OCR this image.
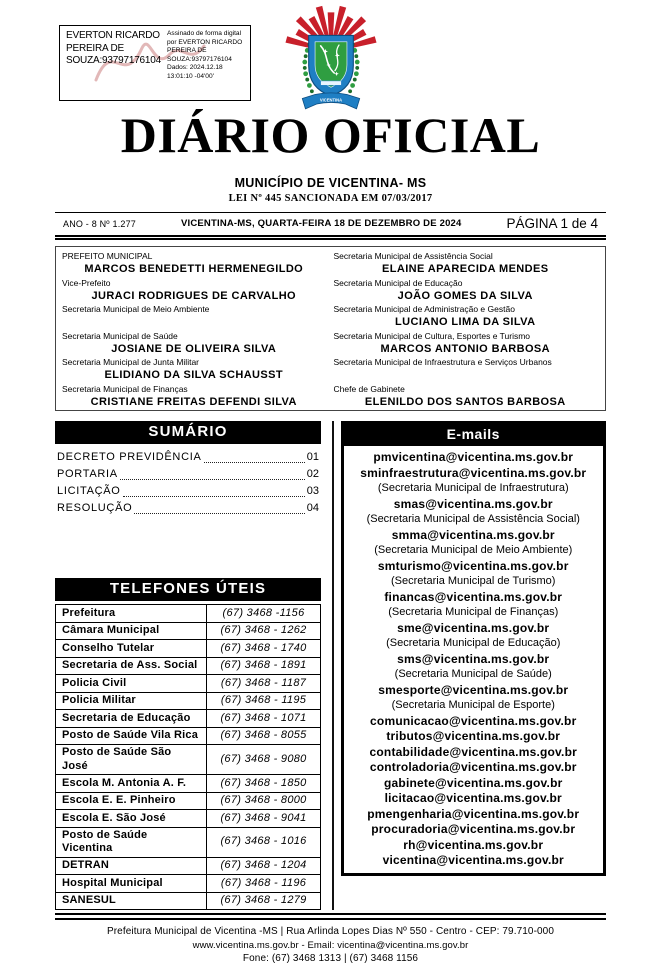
EVERTON RICARDO PEREIRA DE SOUZA:93797176104
Assinado de forma digital por EVERTON RICARDO PEREIRA DE SOUZA:93797176104 Dados: 2024.12.18 13:01:10 -04'00'
VICENTINA
DIÁRIO OFICIAL
MUNICÍPIO DE VICENTINA- MS
LEI Nº 445 SANCIONADA EM 07/03/2017
ANO - 8 Nº 1.277	VICENTINA-MS, QUARTA-FEIRA 18 DE DEZEMBRO DE 2024	PÁGINA 1 de 4
PREFEITO MUNICIPAL
MARCOS BENEDETTI HERMENEGILDO
Vice-Prefeito
JURACI RODRIGUES DE CARVALHO
Secretaria Municipal de Meio Ambiente
Secretaria Municipal de Saúde
JOSIANE DE OLIVEIRA SILVA
Secretaria Municipal de Junta Militar
ELIDIANO DA SILVA SCHAUSST
Secretaria Municipal de Finanças
CRISTIANE FREITAS DEFENDI SILVA
Secretaria Municipal de Assistência Social
ELAINE APARECIDA MENDES
Secretaria Municipal de Educação
JOÃO GOMES DA SILVA
Secretaria Municipal de Administração e Gestão
LUCIANO LIMA DA SILVA
Secretaria Municipal de Cultura, Esportes e Turismo
MARCOS ANTONIO BARBOSA
Secretaria Municipal de Infraestrutura e Serviços Urbanos
Chefe de Gabinete
ELENILDO DOS SANTOS BARBOSA
SUMÁRIO
DECRETO PREVIDÊNCIA	01
PORTARIA	02
LICITAÇÃO	03
RESOLUÇÃO	04
TELEFONES ÚTEIS
Prefeitura	(67) 3468 -1156
Câmara Municipal	(67) 3468 - 1262
Conselho Tutelar	(67) 3468 - 1740
Secretaria de Ass. Social	(67) 3468 - 1891
Policia Civil	(67) 3468 - 1187
Policia Militar	(67) 3468 - 1195
Secretaria de Educação	(67) 3468 - 1071
Posto de Saúde Vila Rica	(67) 3468 - 8055
Posto de Saúde São José	(67) 3468 - 9080
Escola M. Antonia A. F.	(67) 3468 - 1850
Escola E. E. Pinheiro	(67) 3468 - 8000
Escola E. São José	(67) 3468 - 9041
Posto de Saúde Vicentina	(67) 3468 - 1016
DETRAN	(67) 3468 - 1204
Hospital Municipal	(67) 3468 - 1196
SANESUL	(67) 3468 - 1279
E-mails
pmvicentina@vicentina.ms.gov.br
sminfraestrutura@vicentina.ms.gov.br
(Secretaria Municipal de Infraestrutura)
smas@vicentina.ms.gov.br
(Secretaria Municipal de Assistência Social)
smma@vicentina.ms.gov.br
(Secretaria Municipal de Meio Ambiente)
smturismo@vicentina.ms.gov.br
(Secretaria Municipal de Turismo)
financas@vicentina.ms.gov.br
(Secretaria Municipal de Finanças)
sme@vicentina.ms.gov.br
(Secretaria Municipal de Educação)
sms@vicentina.ms.gov.br
(Secretaria Municipal de Saúde)
smesporte@vicentina.ms.gov.br
(Secretaria Municipal de Esporte)
comunicacao@vicentina.ms.gov.br
tributos@vicentina.ms.gov.br
contabilidade@vicentina.ms.gov.br
controladoria@vicentina.ms.gov.br
gabinete@vicentina.ms.gov.br
licitacao@vicentina.ms.gov.br
pmengenharia@vicentina.ms.gov.br
procuradoria@vicentina.ms.gov.br
rh@vicentina.ms.gov.br
vicentina@vicentina.ms.gov.br
Prefeitura Municipal de Vicentina -MS | Rua Arlinda Lopes Dias Nº 550 - Centro - CEP: 79.710-000
www.vicentina.ms.gov.br - Email: vicentina@vicentina.ms.gov.br
Fone: (67) 3468 1313 | (67) 3468 1156
